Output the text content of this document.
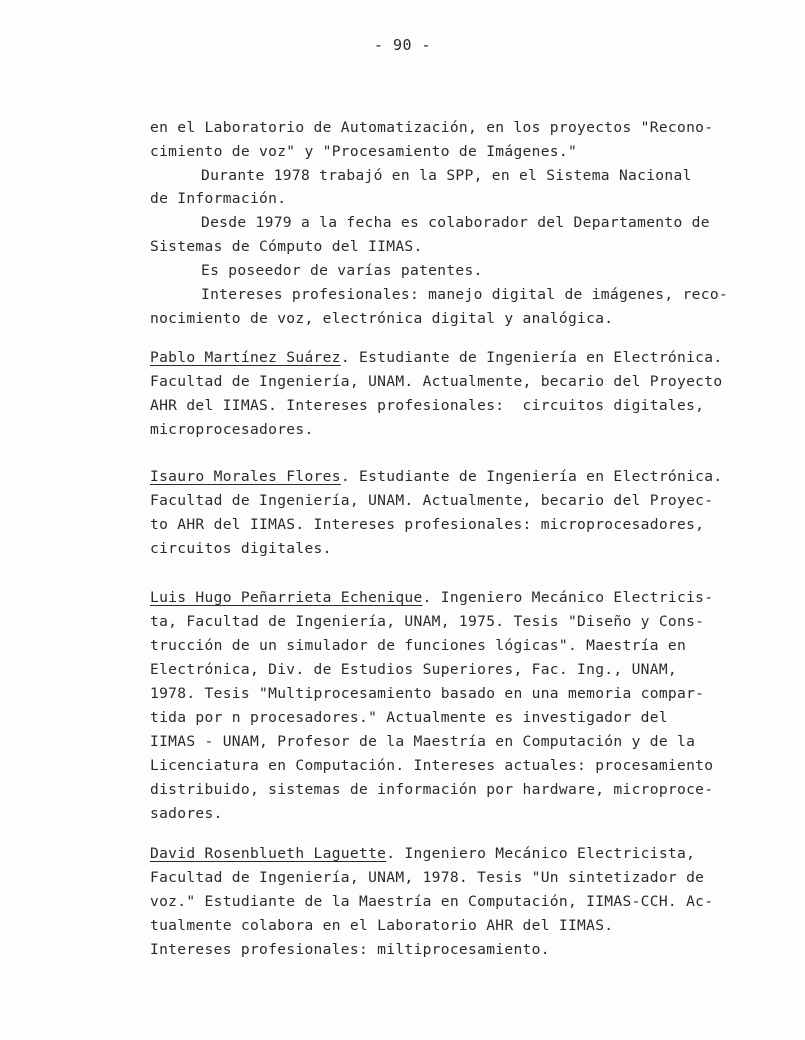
- 90 -
en el Laboratorio de Automatización, en los proyectos "Recono-
cimiento de voz" y "Procesamiento de Imágenes."
Durante 1978 trabajó en la SPP, en el Sistema Nacional
de Información.
Desde 1979 a la fecha es colaborador del Departamento de
Sistemas de Cómputo del IIMAS.
Es poseedor de varías patentes.
Intereses profesionales: manejo digital de imágenes, reco-
nocimiento de voz, electrónica digital y analógica.
Pablo Martínez Suárez. Estudiante de Ingeniería en Electrónica.
Facultad de Ingeniería, UNAM. Actualmente, becario del Proyecto
AHR del IIMAS. Intereses profesionales:  circuitos digitales,
microprocesadores.
Isauro Morales Flores. Estudiante de Ingeniería en Electrónica.
Facultad de Ingeniería, UNAM. Actualmente, becario del Proyec-
to AHR del IIMAS. Intereses profesionales: microprocesadores,
circuitos digitales.
Luis Hugo Peñarrieta Echenique. Ingeniero Mecánico Electricis-
ta, Facultad de Ingeniería, UNAM, 1975. Tesis "Diseño y Cons-
trucción de un simulador de funciones lógicas". Maestría en
Electrónica, Div. de Estudios Superiores, Fac. Ing., UNAM,
1978. Tesis "Multiprocesamiento basado en una memoria compar-
tida por n procesadores." Actualmente es investigador del
IIMAS - UNAM, Profesor de la Maestría en Computación y de la
Licenciatura en Computación. Intereses actuales: procesamiento
distribuido, sistemas de información por hardware, microproce-
sadores.
David Rosenblueth Laguette. Ingeniero Mecánico Electricista,
Facultad de Ingeniería, UNAM, 1978. Tesis "Un sintetizador de
voz." Estudiante de la Maestría en Computación, IIMAS-CCH. Ac-
tualmente colabora en el Laboratorio AHR del IIMAS.
Intereses profesionales: miltiprocesamiento.
